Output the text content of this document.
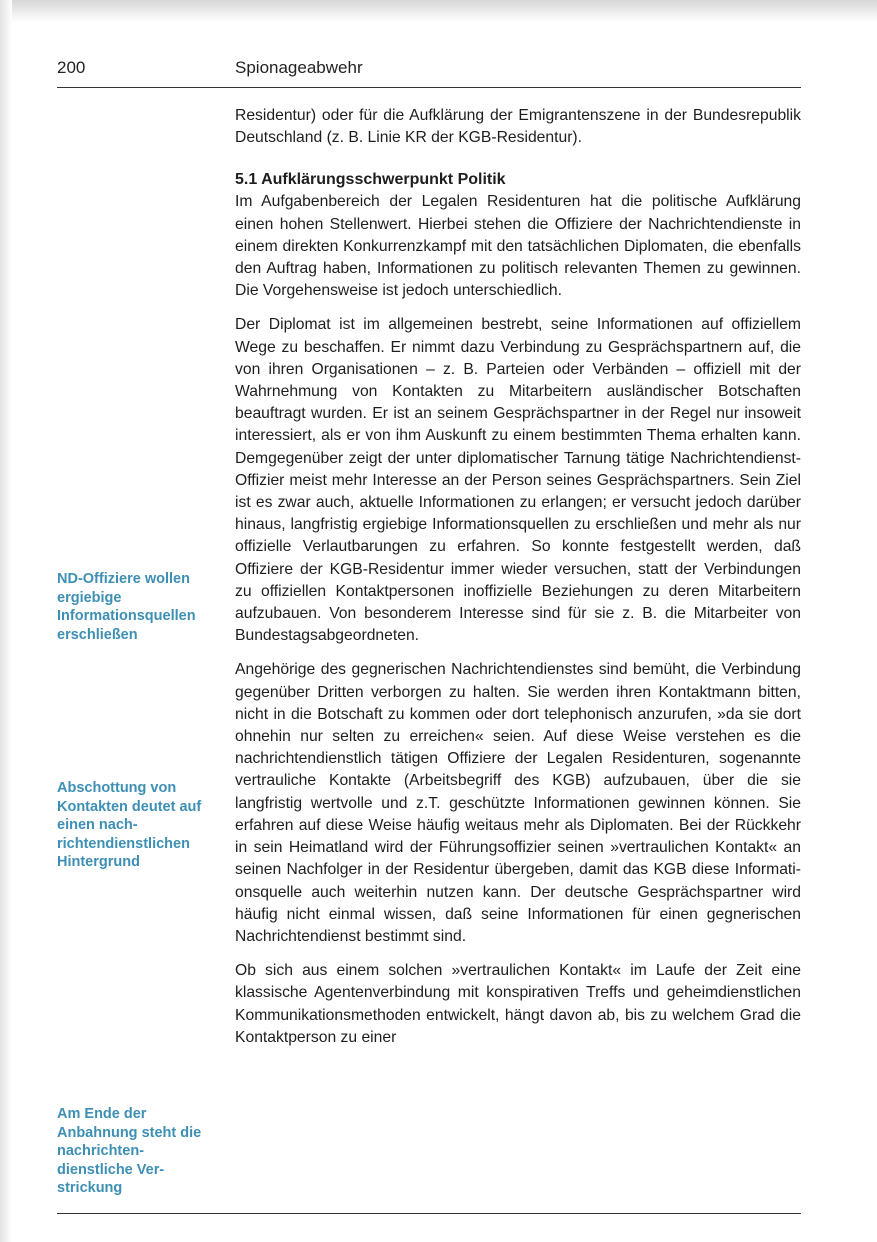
200	Spionageabwehr
ND-Offiziere wollen ergiebige Informationsquellen erschließen
Abschottung von Kontakten deutet auf einen nachrichtendienstlichen Hintergrund
Am Ende der Anbahnung steht die nachrichtendienstliche Verstrickung

Residentur) oder für die Aufklärung der Emigrantenszene in der Bundesrepublik Deutschland (z. B. Linie KR der KGB-Residentur).

5.1 Aufklärungsschwerpunkt Politik

Im Aufgabenbereich der Legalen Residenturen hat die politische Aufklärung einen hohen Stellenwert. Hierbei stehen die Offiziere der Nachrichtendienste in einem direkten Konkurrenzkampf mit den tatsächlichen Diplomaten, die ebenfalls den Auftrag haben, Informationen zu politisch relevanten Themen zu gewinnen. Die Vorgehensweise ist jedoch unterschiedlich.

Der Diplomat ist im allgemeinen bestrebt, seine Informationen auf offiziellem Wege zu beschaffen. Er nimmt dazu Verbindung zu Gesprächspartnern auf, die von ihren Organisationen – z. B. Parteien oder Verbänden – offiziell mit der Wahrnehmung von Kontakten zu Mitarbeitern ausländischer Botschaften beauftragt wurden. Er ist an seinem Gesprächspartner in der Regel nur insoweit interessiert, als er von ihm Auskunft zu einem bestimmten Thema erhalten kann. Demgegenüber zeigt der unter diplomatischer Tarnung tätige Nachrichtendienst-Offizier meist mehr Interesse an der Person seines Gesprächspartners. Sein Ziel ist es zwar auch, aktuelle Informationen zu erlangen; er versucht jedoch darüber hinaus, langfristig ergiebige Informationsquellen zu erschließen und mehr als nur offizielle Verlautbarungen zu erfahren. So konnte festgestellt werden, daß Offiziere der KGB-Residentur immer wieder versuchen, statt der Verbindungen zu offiziellen Kontaktpersonen inoffizielle Beziehungen zu deren Mitarbeitern aufzubauen. Von besonderem Interesse sind für sie z. B. die Mitarbeiter von Bundestagsabgeordneten.

Angehörige des gegnerischen Nachrichtendienstes sind bemüht, die Verbindung gegenüber Dritten verborgen zu halten. Sie werden ihren Kontaktmann bitten, nicht in die Botschaft zu kommen oder dort telephonisch anzurufen, »da sie dort ohnehin nur selten zu erreichen« seien. Auf diese Weise verstehen es die nachrichtendienstlich tätigen Offiziere der Legalen Residenturen, sogenannte vertrauliche Kontakte (Arbeitsbegriff des KGB) aufzubauen, über die sie langfristig wertvolle und z.T. geschützte Informationen gewinnen können. Sie erfahren auf diese Weise häufig weitaus mehr als Diplomaten. Bei der Rückkehr in sein Heimatland wird der Führungsoffizier seinen »vertraulichen Kontakt« an seinen Nachfolger in der Residentur übergeben, damit das KGB diese Informationsquelle auch weiterhin nutzen kann. Der deutsche Gesprächspartner wird häufig nicht einmal wissen, daß seine Informationen für einen gegnerischen Nachrichtendienst bestimmt sind.

Ob sich aus einem solchen »vertraulichen Kontakt« im Laufe der Zeit eine klassische Agentenverbindung mit konspirativen Treffs und geheimdienstlichen Kommunikationsmethoden entwickelt, hängt davon ab, bis zu welchem Grad die Kontaktperson zu einer
